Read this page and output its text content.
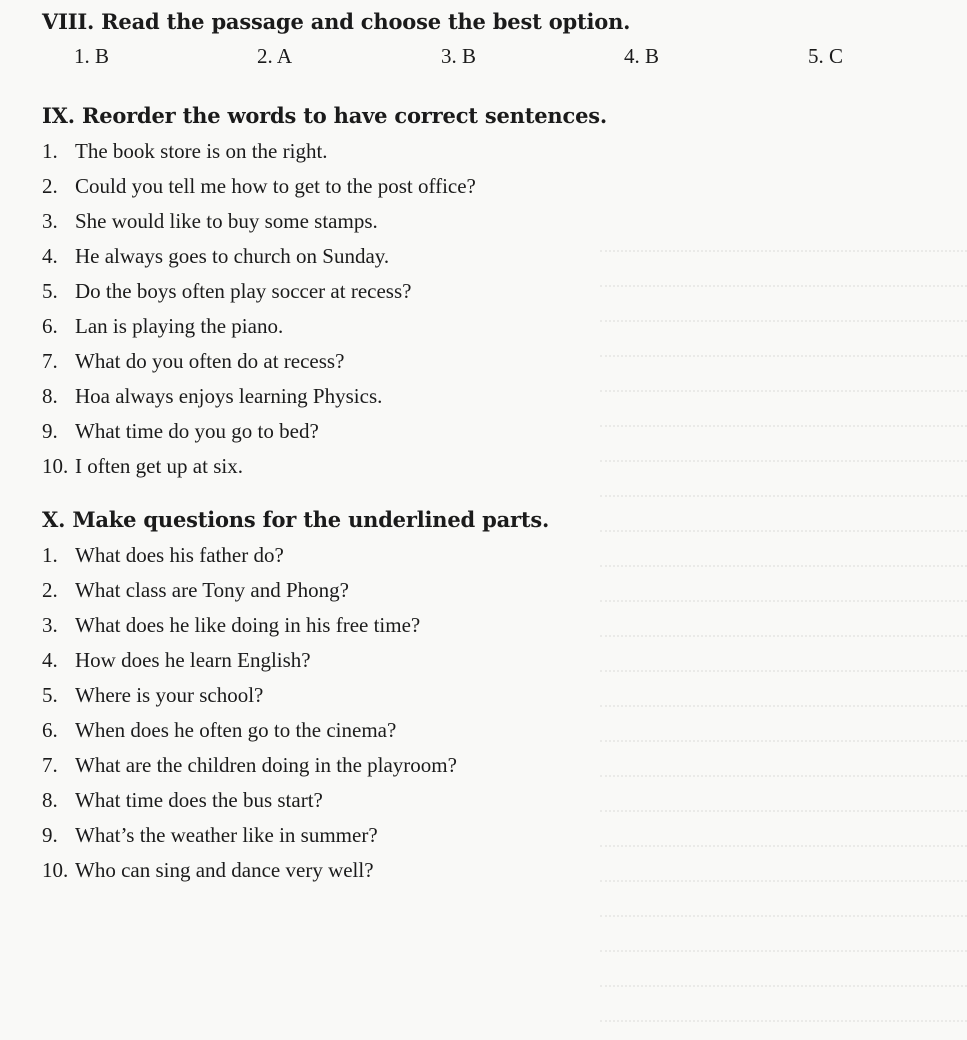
VIII. Read the passage and choose the best option.
1. B	2. A	3. B	4. B	5. C
IX. Reorder the words to have correct sentences.
1. The book store is on the right.
2. Could you tell me how to get to the post office?
3. She would like to buy some stamps.
4. He always goes to church on Sunday.
5. Do the boys often play soccer at recess?
6. Lan is playing the piano.
7. What do you often do at recess?
8. Hoa always enjoys learning Physics.
9. What time do you go to bed?
10. I often get up at six.
X. Make questions for the underlined parts.
1. What does his father do?
2. What class are Tony and Phong?
3. What does he like doing in his free time?
4. How does he learn English?
5. Where is your school?
6. When does he often go to the cinema?
7. What are the children doing in the playroom?
8. What time does the bus start?
9. What’s the weather like in summer?
10. Who can sing and dance very well?
